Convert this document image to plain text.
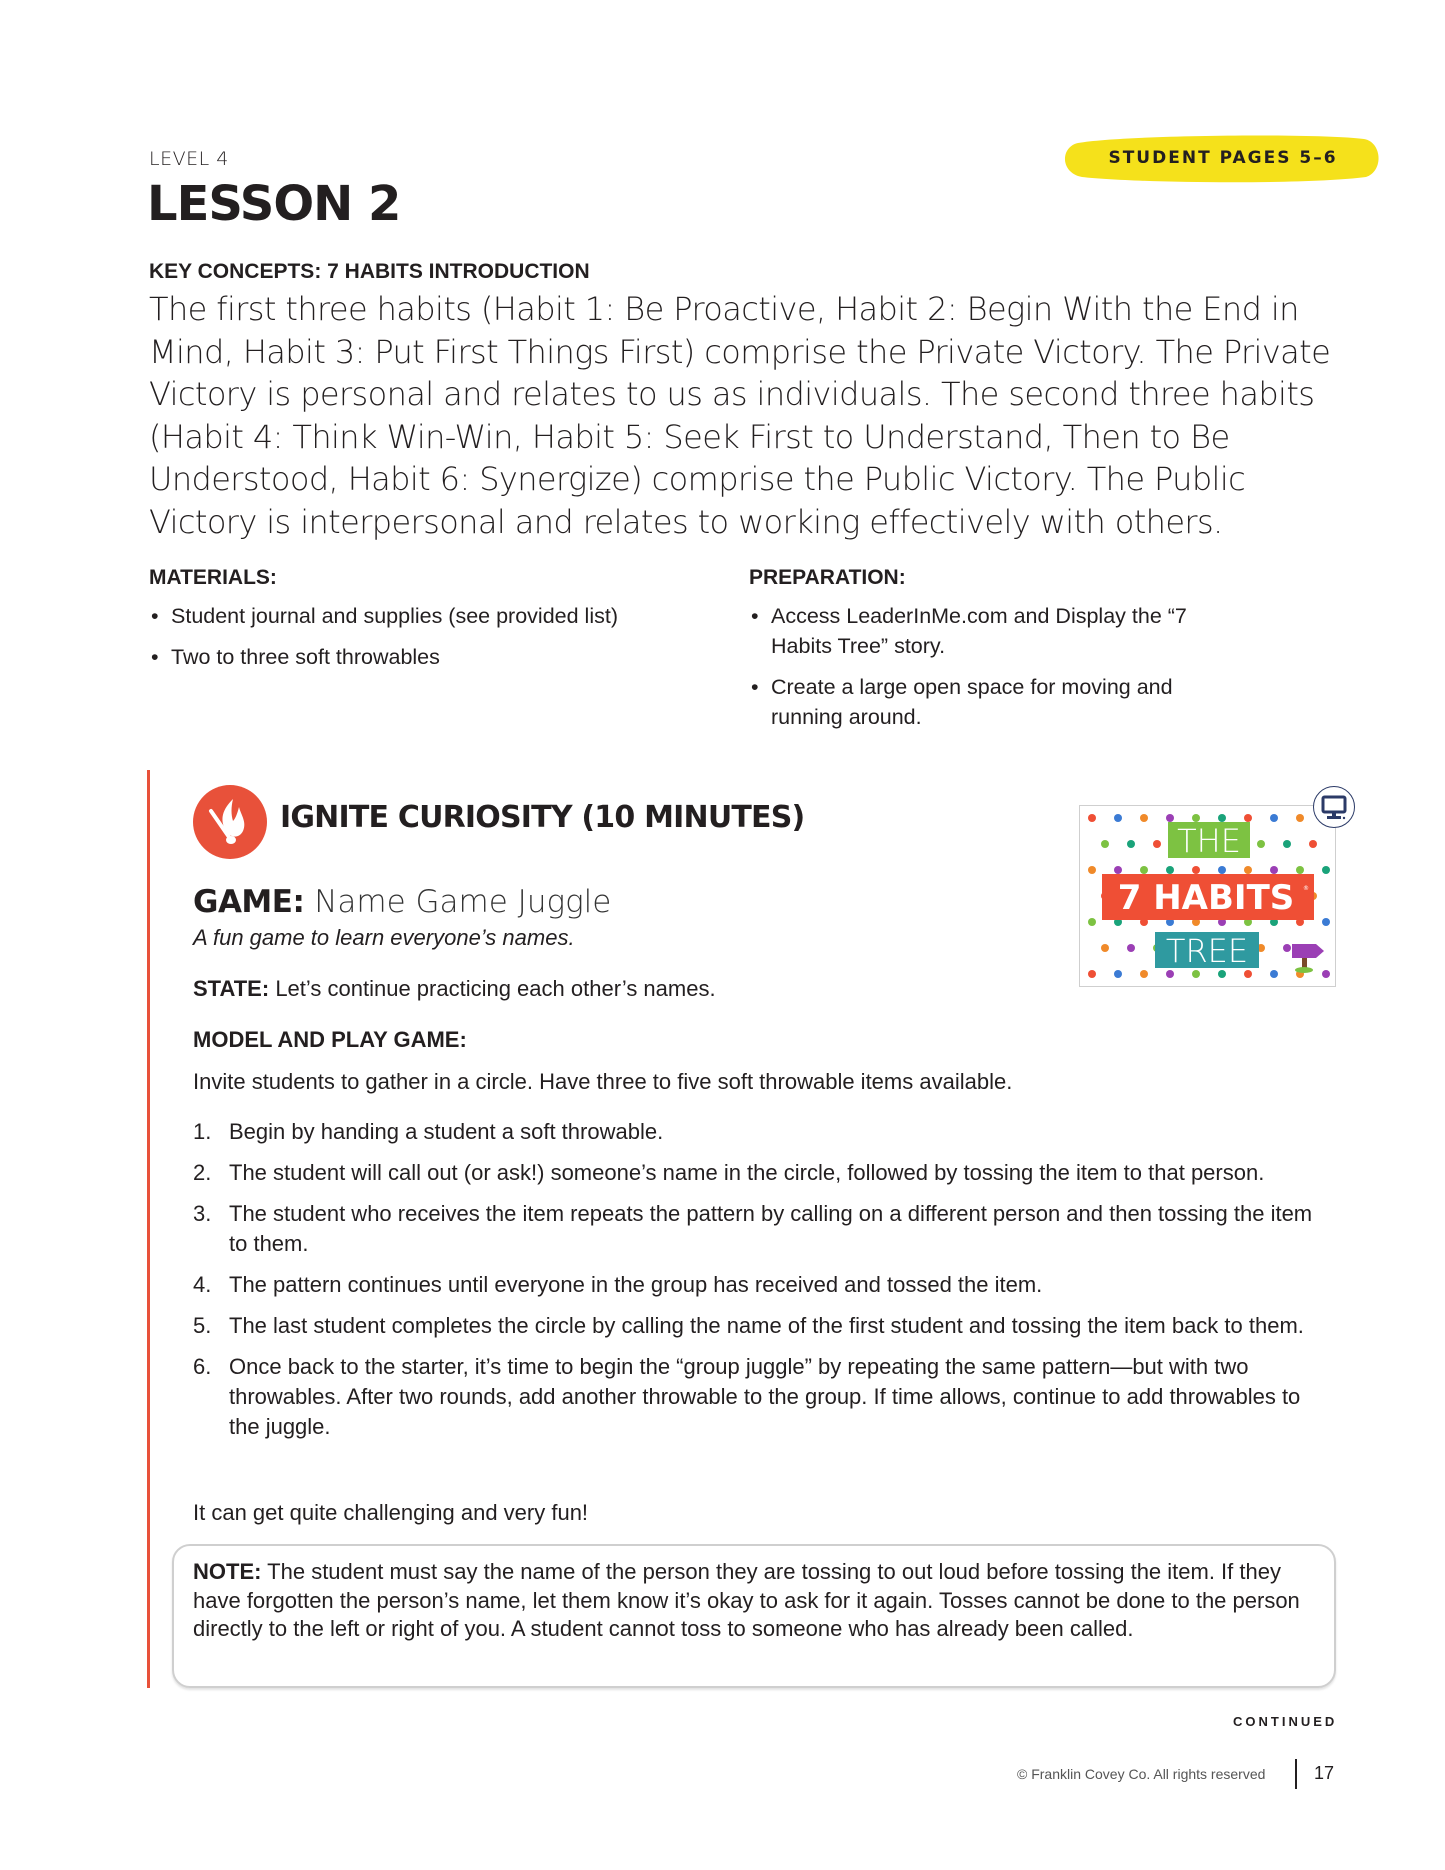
LEVEL 4
LESSON 2
STUDENT PAGES 5–6
KEY CONCEPTS: 7 HABITS INTRODUCTION
The first three habits (Habit 1: Be Proactive, Habit 2: Begin With the End in Mind, Habit 3: Put First Things First) comprise the Private Victory. The Private Victory is personal and relates to us as individuals. The second three habits (Habit 4: Think Win-Win, Habit 5: Seek First to Understand, Then to Be Understood, Habit 6: Synergize) comprise the Public Victory. The Public Victory is interpersonal and relates to working effectively with others.
MATERIALS:
• Student journal and supplies (see provided list)
• Two to three soft throwables
PREPARATION:
• Access LeaderInMe.com and Display the “7 Habits Tree” story.
• Create a large open space for moving and running around.
IGNITE CURIOSITY (10 MINUTES)
GAME: Name Game Juggle
A fun game to learn everyone’s names.
STATE: Let’s continue practicing each other’s names.
MODEL AND PLAY GAME:
Invite students to gather in a circle. Have three to five soft throwable items available.
1. Begin by handing a student a soft throwable.
2. The student will call out (or ask!) someone’s name in the circle, followed by tossing the item to that person.
3. The student who receives the item repeats the pattern by calling on a different person and then tossing the item to them.
4. The pattern continues until everyone in the group has received and tossed the item.
5. The last student completes the circle by calling the name of the first student and tossing the item back to them.
6. Once back to the starter, it’s time to begin the “group juggle” by repeating the same pattern—but with two throwables. After two rounds, add another throwable to the group. If time allows, continue to add throwables to the juggle.
It can get quite challenging and very fun!
NOTE: The student must say the name of the person they are tossing to out loud before tossing the item. If they have forgotten the person’s name, let them know it’s okay to ask for it again. Tosses cannot be done to the person directly to the left or right of you. A student cannot toss to someone who has already been called.
THE
7 HABITS ®
TREE
CONTINUED
© Franklin Covey Co. All rights reserved	17
